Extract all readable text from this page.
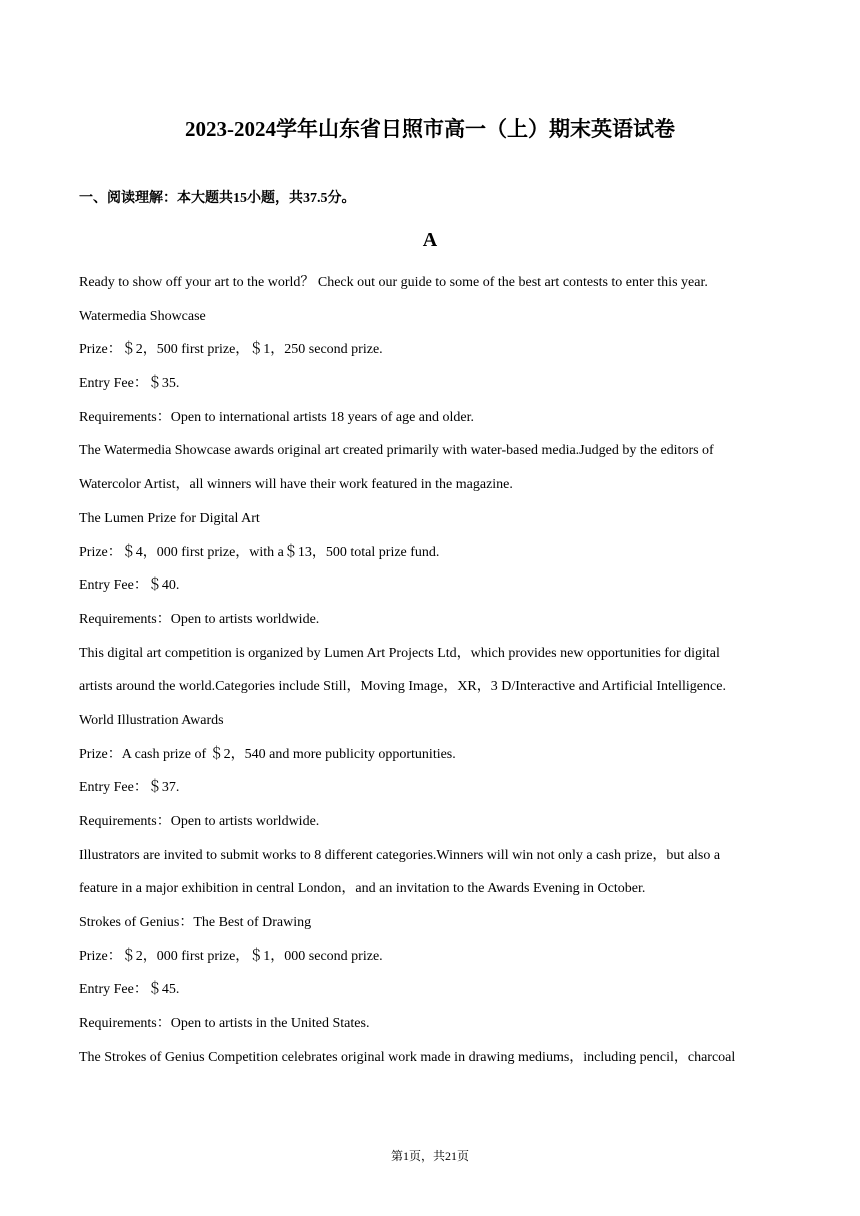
2023-2024学年山东省日照市高一（上）期末英语试卷
一、阅读理解：本大题共15小题，共37.5分。
A

Ready to show off your art to the world？ Check out our guide to some of the best art contests to enter this year.

Watermedia Showcase

Prize：＄2，500 first prize，＄1，250 second prize.

Entry Fee：＄35.

Requirements：Open to international artists 18 years of age and older.

The Watermedia Showcase awards original art created primarily with water-based media.Judged by the editors of

Watercolor Artist，all winners will have their work featured in the magazine.

The Lumen Prize for Digital Art

Prize：＄4，000 first prize，with a＄13，500 total prize fund.

Entry Fee：＄40.

Requirements：Open to artists worldwide.

This digital art competition is organized by Lumen Art Projects Ltd，which provides new opportunities for digital

artists around the world.Categories include Still，Moving Image，XR，3 D/Interactive and Artificial Intelligence.

World Illustration Awards

Prize：A cash prize of ＄2，540 and more publicity opportunities.

Entry Fee：＄37.

Requirements：Open to artists worldwide.

Illustrators are invited to submit works to 8 different categories.Winners will win not only a cash prize，but also a

feature in a major exhibition in central London，and an invitation to the Awards Evening in October.

Strokes of Genius：The Best of Drawing

Prize：＄2，000 first prize，＄1，000 second prize.

Entry Fee：＄45.

Requirements：Open to artists in the United States.

The Strokes of Genius Competition celebrates original work made in drawing mediums，including pencil，charcoal

第1页，共21页
